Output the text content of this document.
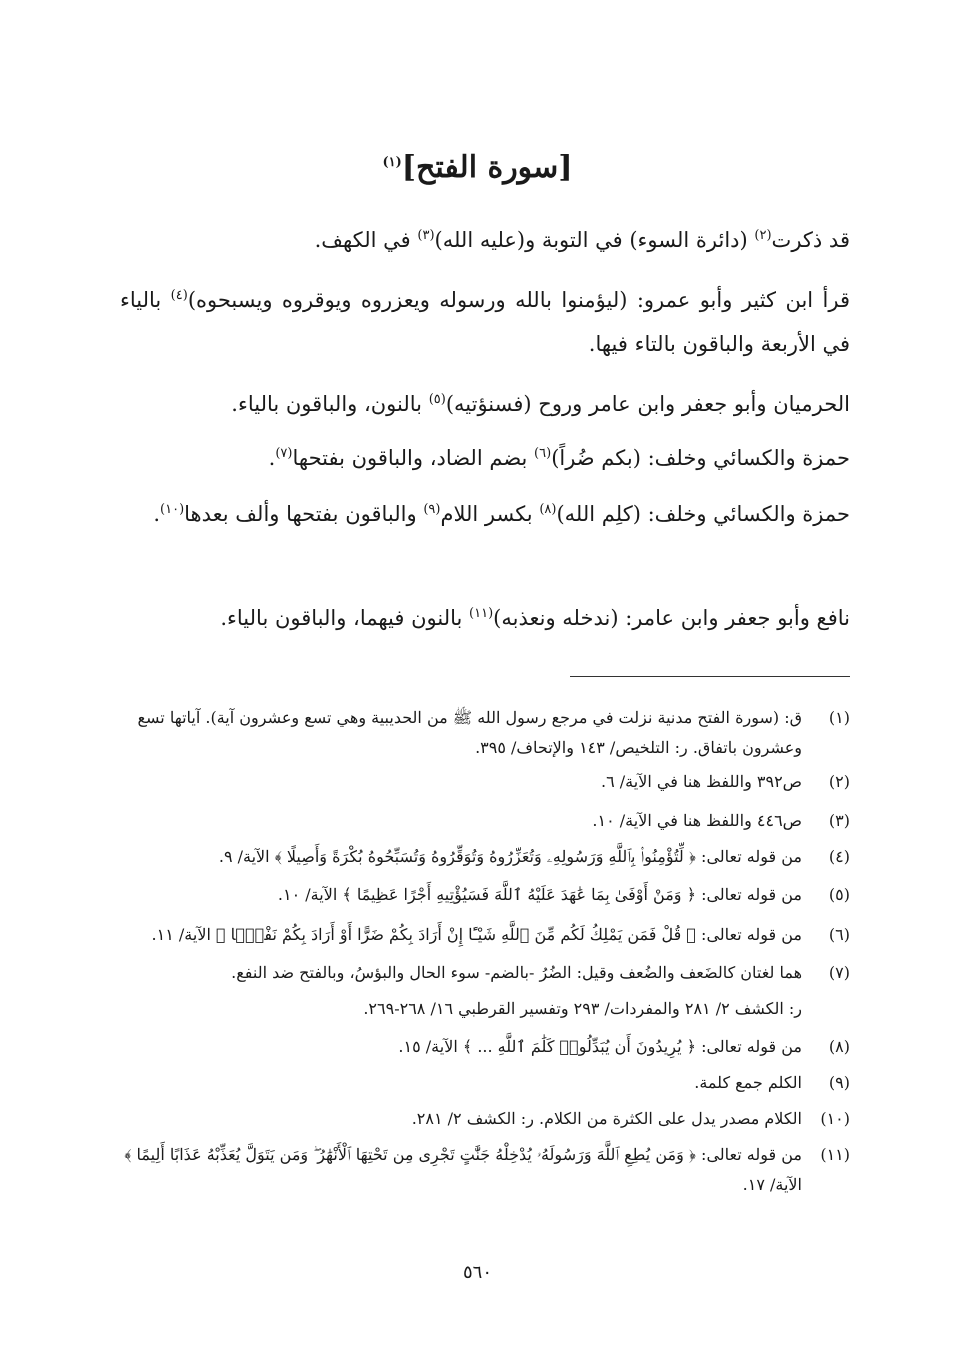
[سورة الفتح]$^{(١)}$
قد ذكرت$^{(٢)}$ (دائرة السوء) في التوبة و(عليه الله)$^{(٣)}$ في الكهف.
قرأ ابن كثير وأبو عمرو: (ليؤمنوا بالله ورسوله ويعزروه ويوقروه ويسبحوه)$^{(٤)}$ بالياء في الأربعة والباقون بالتاء فيها.
الحرميان وأبو جعفر وابن عامر وروح (فسنؤتيه)$^{(٥)}$ بالنون، والباقون بالياء.
حمزة والكسائي وخلف: (بكم ضُراً)$^{(٦)}$ بضم الضاد، والباقون بفتحها$^{(٧)}$.
حمزة والكسائي وخلف: (كلِم الله)$^{(٨)}$ بكسر اللام$^{(٩)}$ والباقون بفتحها وألف بعدها$^{(١٠)}$.
نافع وأبو جعفر وابن عامر: (ندخله ونعذبه)$^{(١١)}$ بالنون فيهما، والباقون بالياء.
(١)
ق: (سورة الفتح مدنية نزلت في مرجع رسول الله ﷺ من الحديبية وهي تسع وعشرون آية). آياتها تسع وعشرون باتفاق. ر: التلخيص/ ١٤٣ والإتحاف/ ٣٩٥.
(٢)
ص٣٩٢ واللفظ هنا في الآية/ ٦.
(٣)
ص٤٤٦ واللفظ هنا في الآية/ ١٠.
(٤)
من قوله تعالى: ﴿ لِّتُؤْمِنُوا۟ بِٱللَّهِ وَرَسُولِهِۦ وَتُعَزِّرُوهُ وَتُوَقِّرُوهُ وَتُسَبِّحُوهُ بُكْرَةً وَأَصِيلًا ﴾ الآية/ ٩.
(٥)
من قوله تعالى: ﴿ وَمَنْ أَوْفَىٰ بِمَا عَٰهَدَ عَلَيْهُ ٱللَّهَ فَسَيُؤْتِيهِ أَجْرًا عَظِيمًا ﴾ الآية/ ١٠.
(٦)
من قوله تعالى: ﴿ قُلْ فَمَن يَمْلِكُ لَكُم مِّنَ ٱللَّهِ شَيْـًٔا إِنْ أَرَادَ بِكُمْ ضَرًّا أَوْ أَرَادَ بِكُمْ نَفْعًۢا ﴾ الآية/ ١١.
(٧)
هما لغتان كالضَعف والضُعف وقيل: الضُرُ -بالضم- سوء الحال والبؤسُ، وبالفتح ضد النفع.
ر: الكشف ٢/ ٢٨١ والمفردات/ ٢٩٣ وتفسير القرطبي ١٦/ ٢٦٨-٢٦٩.
(٨)
من قوله تعالى: ﴿ يُرِيدُونَ أَن يُبَدِّلُوا۟ كَلَٰمَ ٱللَّهِ ... ﴾ الآية/ ١٥.
(٩)
الكلم جمع كلمة.
(١٠)
الكلام مصدر يدل على الكثرة من الكلام. ر: الكشف ٢/ ٢٨١.
(١١)
من قوله تعالى: ﴿ وَمَن يُطِعِ ٱللَّهَ وَرَسُولَهُۥ يُدْخِلْهُ جَنَّٰتٍ تَجْرِى مِن تَحْتِهَا ٱلْأَنْهَٰرُ ۖ وَمَن يَتَوَلَّ يُعَذِّبْهُ عَذَابًا أَلِيمًا ﴾ الآية/ ١٧.
٥٦٠
